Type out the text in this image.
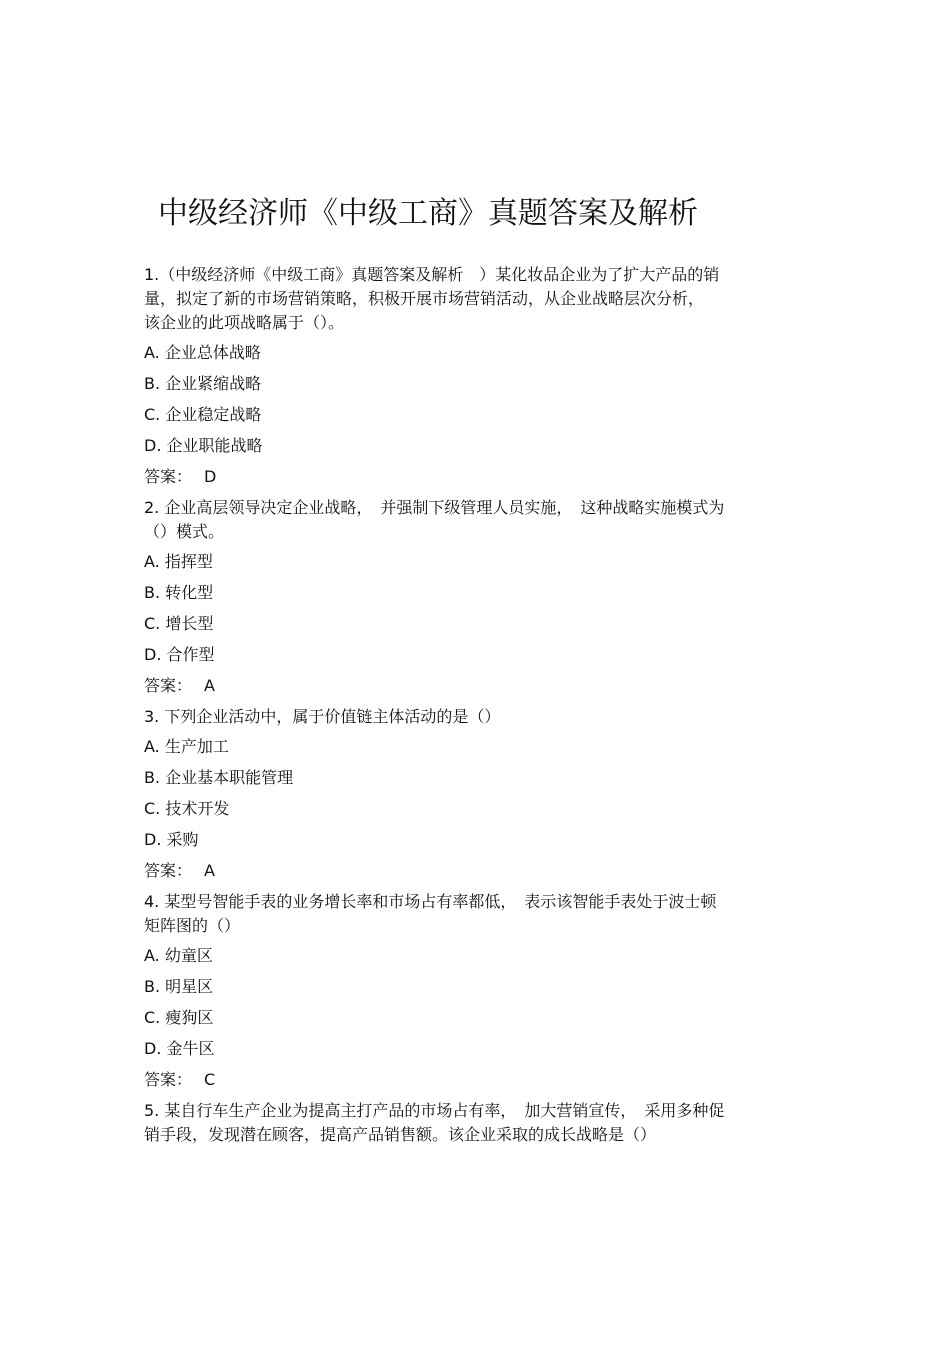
中级经济师《中级工商》真题答案及解析
1.（中级经济师《中级工商》真题答案及解析　）某化妆品企业为了扩大产品的销
量，拟定了新的市场营销策略，积极开展市场营销活动，从企业战略层次分析，
该企业的此项战略属于（）。
A. 企业总体战略
B. 企业紧缩战略
C. 企业稳定战略
D. 企业职能战略
答案： D
2. 企业高层领导决定企业战略，　并强制下级管理人员实施，　这种战略实施模式为
（）模式。
A. 指挥型
B. 转化型
C. 增长型
D. 合作型
答案： A
3. 下列企业活动中，属于价值链主体活动的是（）
A. 生产加工
B. 企业基本职能管理
C. 技术开发
D. 采购
答案： A
4. 某型号智能手表的业务增长率和市场占有率都低，　表示该智能手表处于波士顿
矩阵图的（）
A. 幼童区
B. 明星区
C. 瘦狗区
D. 金牛区
答案： C
5. 某自行车生产企业为提高主打产品的市场占有率，　加大营销宣传，　采用多种促
销手段，发现潜在顾客，提高产品销售额。该企业采取的成长战略是（）
